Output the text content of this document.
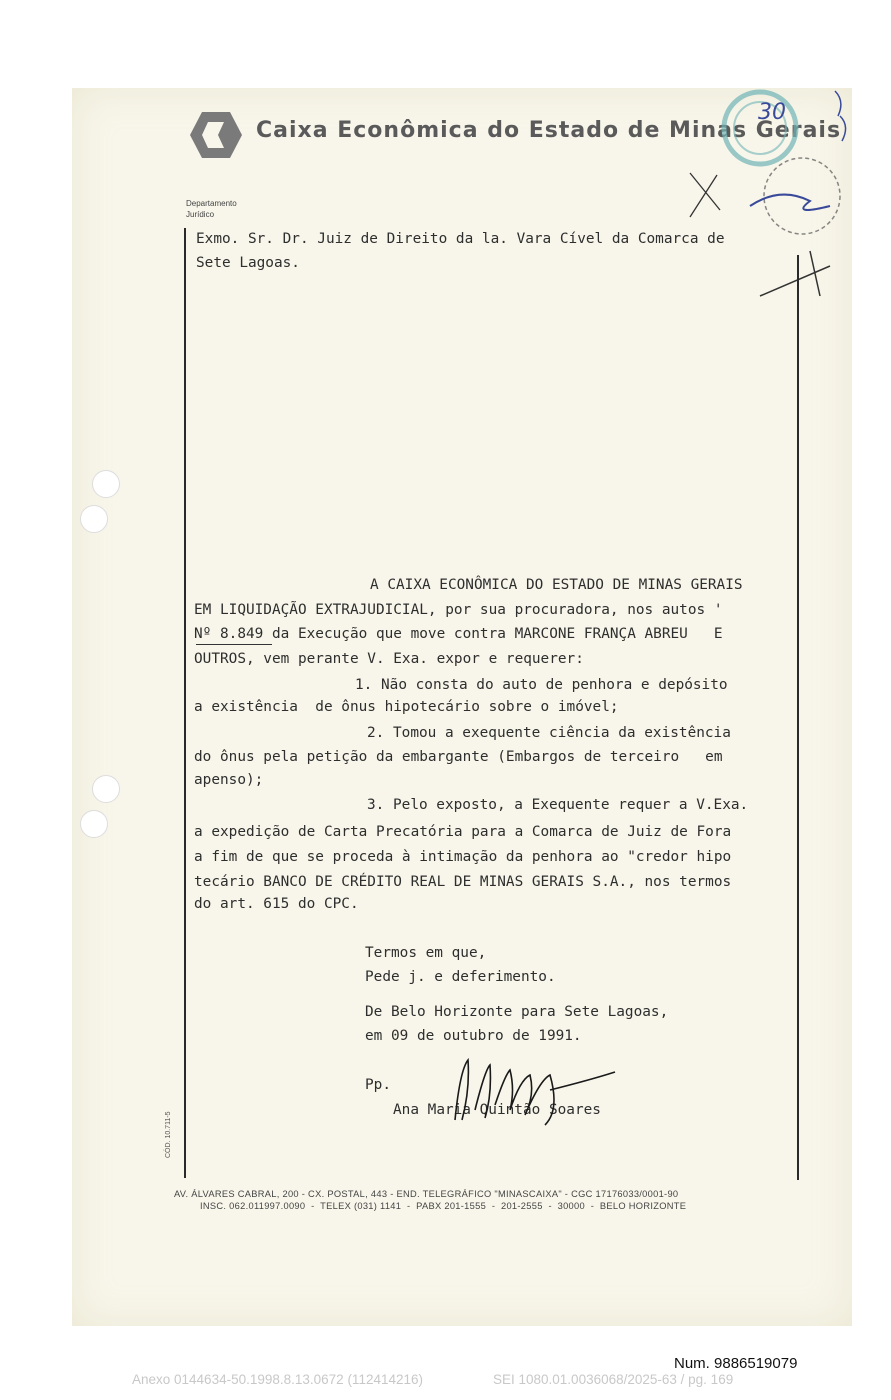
Caixa Econômica do Estado de Minas Gerais
30
Departamento
Jurídico
Exmo. Sr. Dr. Juiz de Direito da la. Vara Cível da Comarca de
Sete Lagoas.
A CAIXA ECONÔMICA DO ESTADO DE MINAS GERAIS
EM LIQUIDAÇÃO EXTRAJUDICIAL, por sua procuradora, nos autos '
Nº 8.849 da Execução que move contra MARCONE FRANÇA ABREU   E
OUTROS, vem perante V. Exa. expor e requerer:
1. Não consta do auto de penhora e depósito
a existência  de ônus hipotecário sobre o imóvel;
2. Tomou a exequente ciência da existência
do ônus pela petição da embargante (Embargos de terceiro   em
apenso);
3. Pelo exposto, a Exequente requer a V.Exa.
a expedição de Carta Precatória para a Comarca de Juiz de Fora
a fim de que se proceda à intimação da penhora ao "credor hipo
tecário BANCO DE CRÉDITO REAL DE MINAS GERAIS S.A., nos termos
do art. 615 do CPC.
Termos em que,
Pede j. e deferimento.
De Belo Horizonte para Sete Lagoas,
em 09 de outubro de 1991.
Pp.
Ana Maria Quintão Soares
CÓD. 10.711-5
AV. ÁLVARES CABRAL, 200 - CX. POSTAL, 443 - END. TELEGRÁFICO "MINASCAIXA" - CGC 17176033/0001-90
INSC. 062.011997.0090  -  TELEX (031) 1141  -  PABX 201-1555  -  201-2555  -  30000  -  BELO HORIZONTE
Num. 9886519079
Anexo 0144634-50.1998.8.13.0672 (112414216)	SEI 1080.01.0036068/2025-63 / pg. 169
